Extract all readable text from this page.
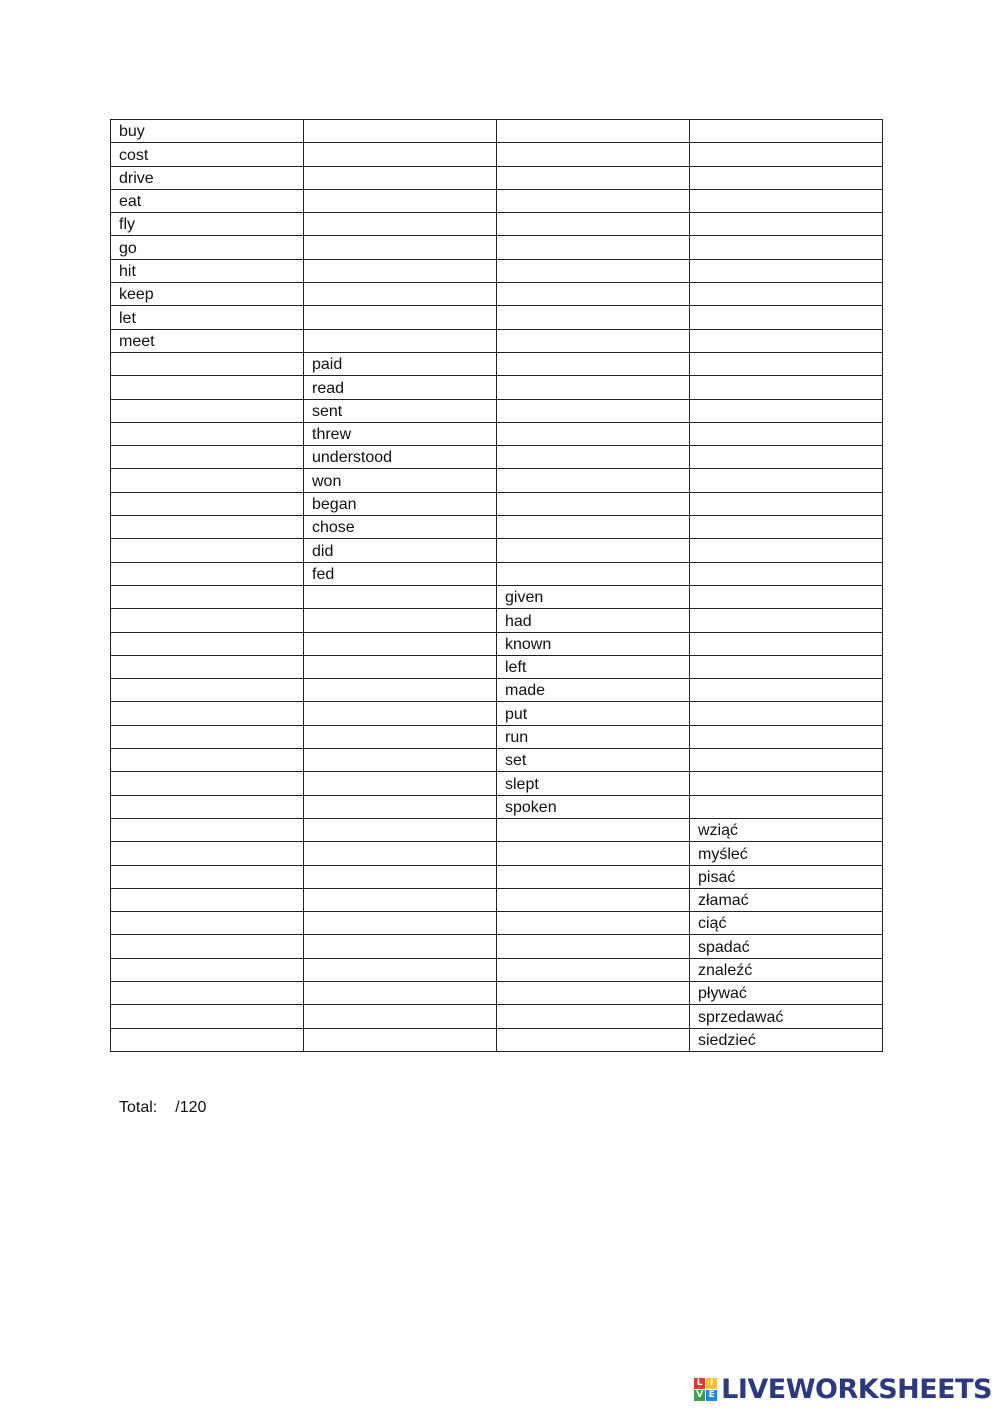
buy			
cost			
drive			
eat			
fly			
go			
hit			
keep			
let			
meet			
	paid		
	read		
	sent		
	threw		
	understood		
	won		
	began		
	chose		
	did		
	fed		
		given	
		had	
		known	
		left	
		made	
		put	
		run	
		set	
		slept	
		spoken	
			wziąć
			myśleć
			pisać
			złamać
			ciąć
			spadać
			znaleźć
			pływać
			sprzedawać
			siedzieć
Total: /120
L I
V E LIVEWORKSHEETS
